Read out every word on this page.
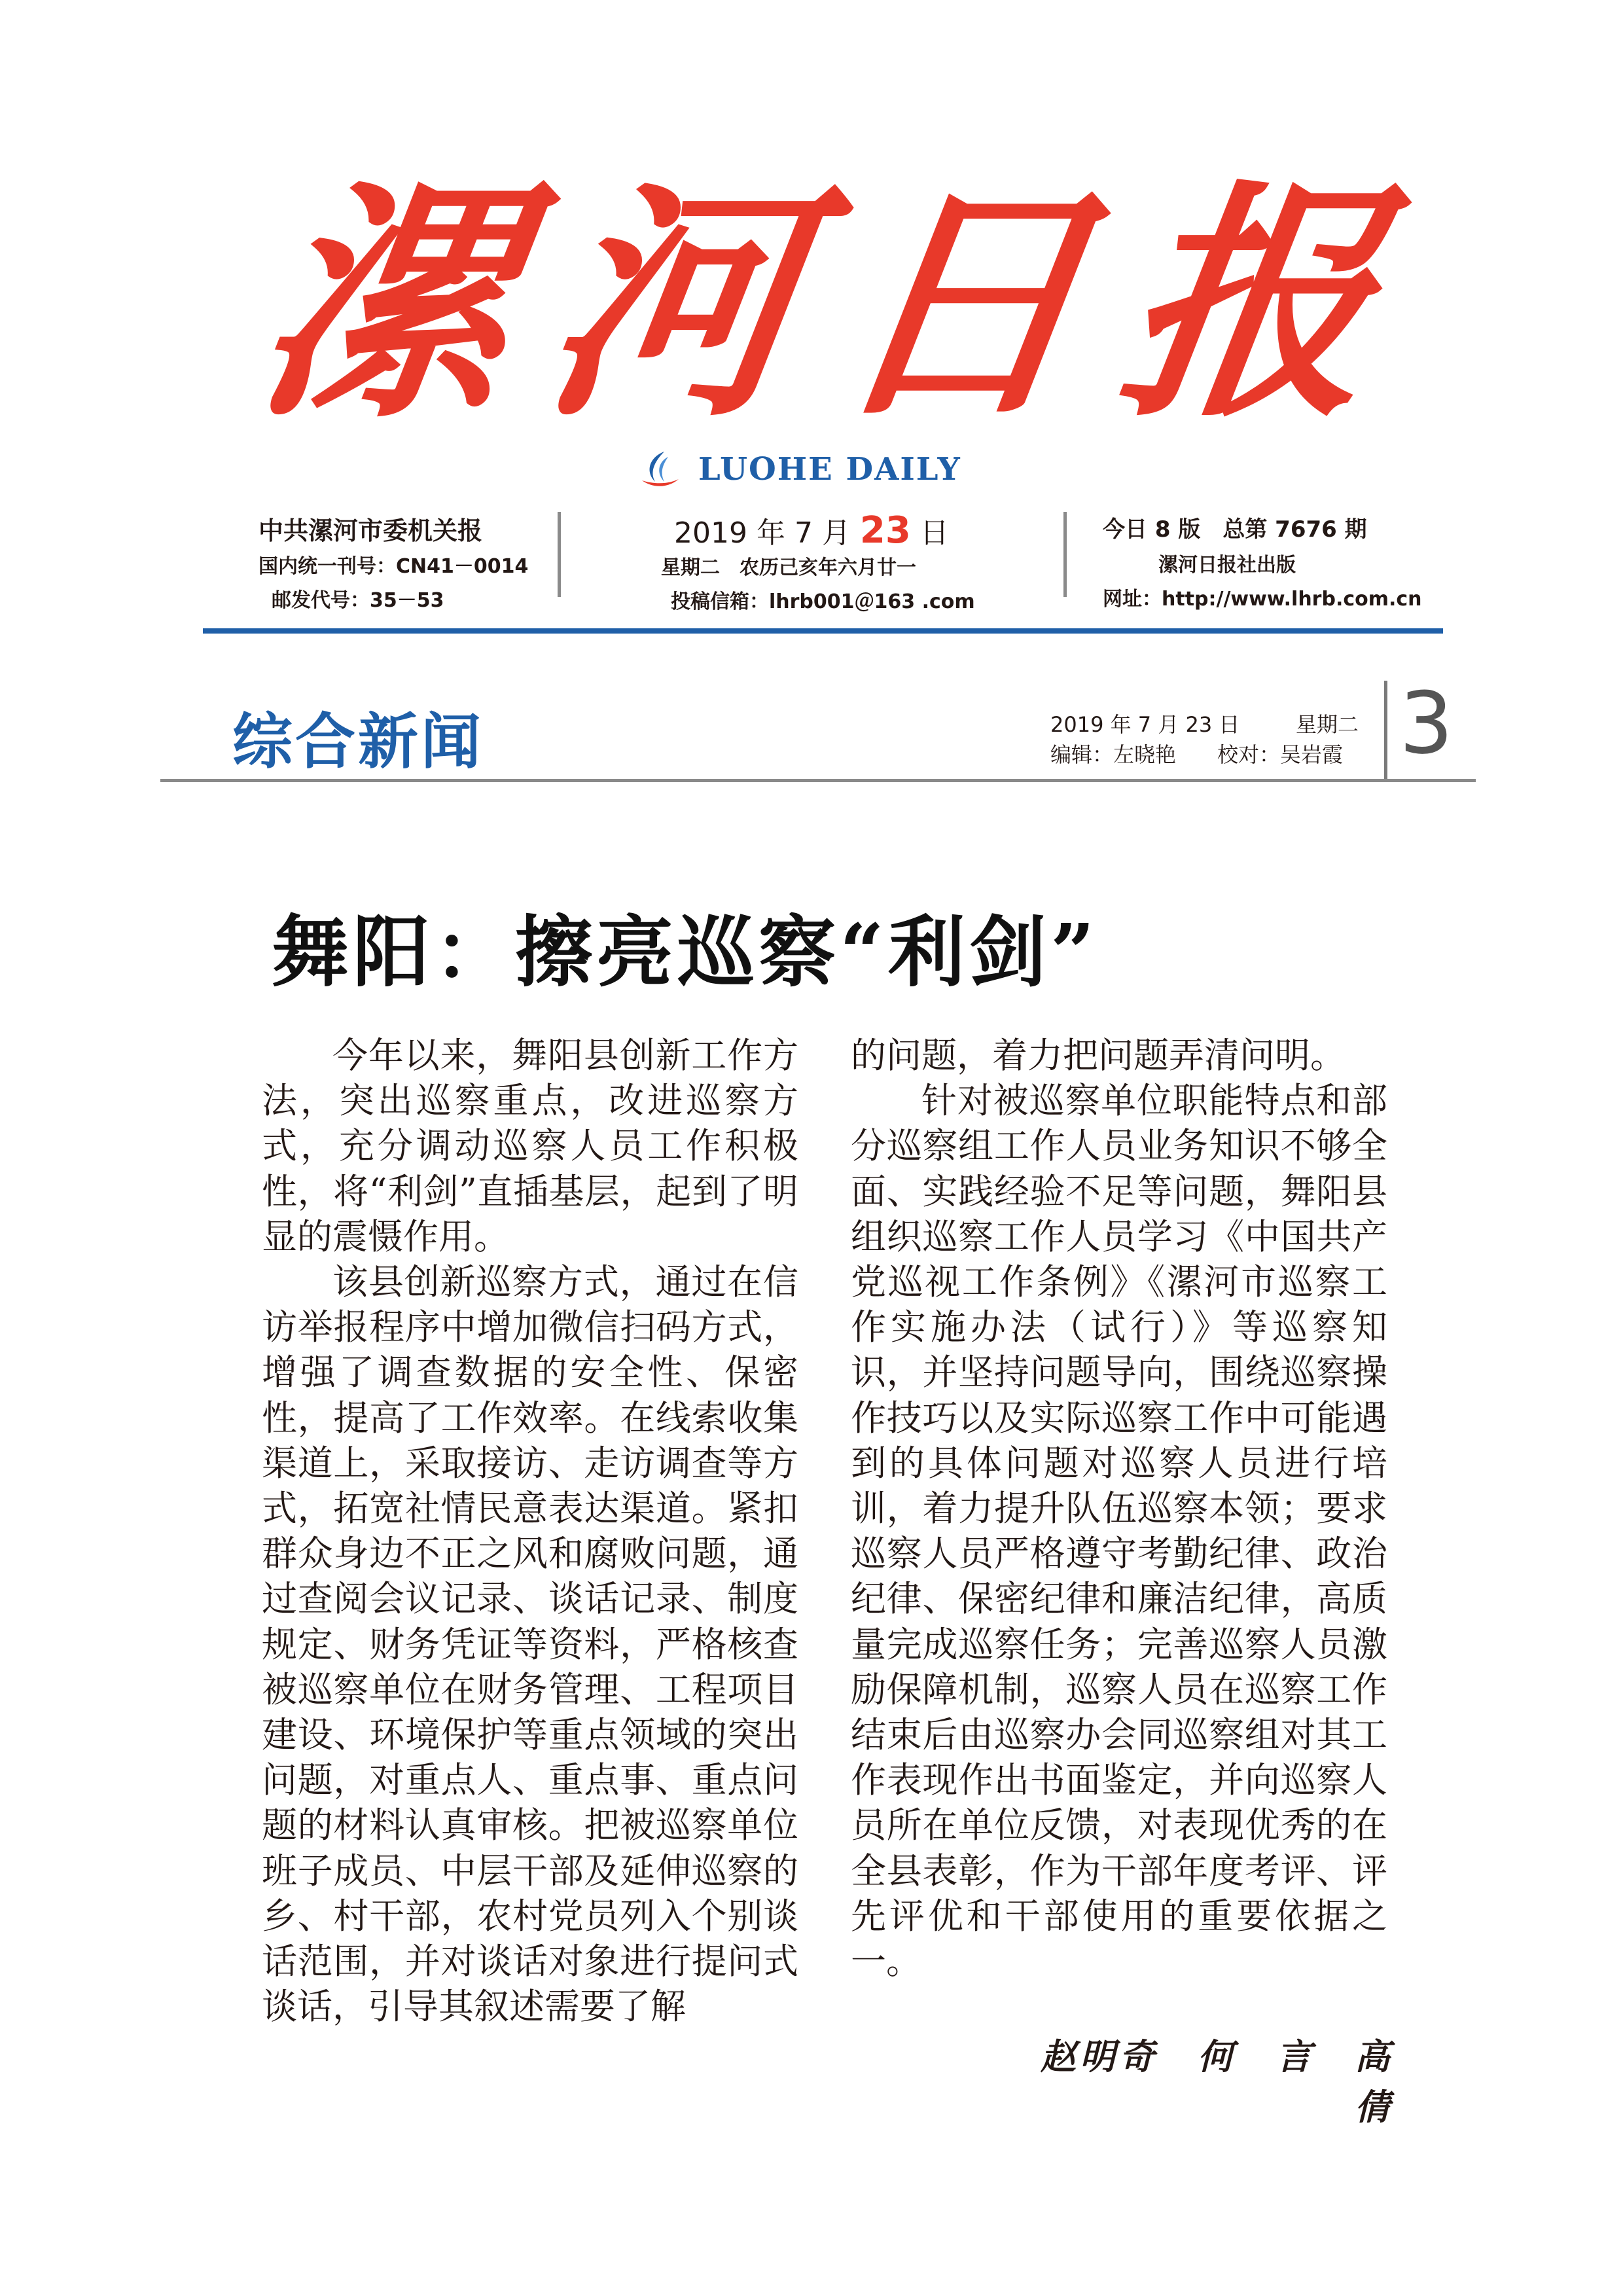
漯
河
日
报
LUOHE DAILY
中共漯河市委机关报
国内统一刊号：CN41－0014
邮发代号：35－53
2019 年 7 月 23 日
星期二　农历己亥年六月廿一
投稿信箱：lhrb001＠163 .com
今日 8 版　总第 7676 期
漯河日报社出版
网址：http://www.lhrb.com.cn
综合新闻	2019 年 7 月 23 日	星期二
编辑：左晓艳 校对：吴岩霞 3
舞阳：擦亮巡察“利剑”

今年以来，舞阳县创新工作方法，突出巡察重点，改进巡察方式，充分调动巡察人员工作积极性，将“利剑”直插基层，起到了明显的震慑作用。

该县创新巡察方式，通过在信访举报程序中增加微信扫码方式，增强了调查数据的安全性、保密性，提高了工作效率。在线索收集渠道上，采取接访、走访调查等方式，拓宽社情民意表达渠道。紧扣群众身边不正之风和腐败问题，通过查阅会议记录、谈话记录、制度规定、财务凭证等资料，严格核查被巡察单位在财务管理、工程项目建设、环境保护等重点领域的突出问题，对重点人、重点事、重点问题的材料认真审核。把被巡察单位班子成员、中层干部及延伸巡察的乡、村干部，农村党员列入个别谈话范围，并对谈话对象进行提问式谈话，引导其叙述需要了解

的问题，着力把问题弄清问明。

针对被巡察单位职能特点和部分巡察组工作人员业务知识不够全面、实践经验不足等问题，舞阳县组织巡察工作人员学习《中国共产党巡视工作条例》《漯河市巡察工作实施办法（试行）》等巡察知识，并坚持问题导向，围绕巡察操作技巧以及实际巡察工作中可能遇到的具体问题对巡察人员进行培训，着力提升队伍巡察本领；要求巡察人员严格遵守考勤纪律、政治纪律、保密纪律和廉洁纪律，高质量完成巡察任务；完善巡察人员激励保障机制，巡察人员在巡察工作结束后由巡察办会同巡察组对其工作表现作出书面鉴定，并向巡察人员所在单位反馈，对表现优秀的在全县表彰，作为干部年度考评、评先评优和干部使用的重要依据之一。

赵明奇　何　言　高　倩
